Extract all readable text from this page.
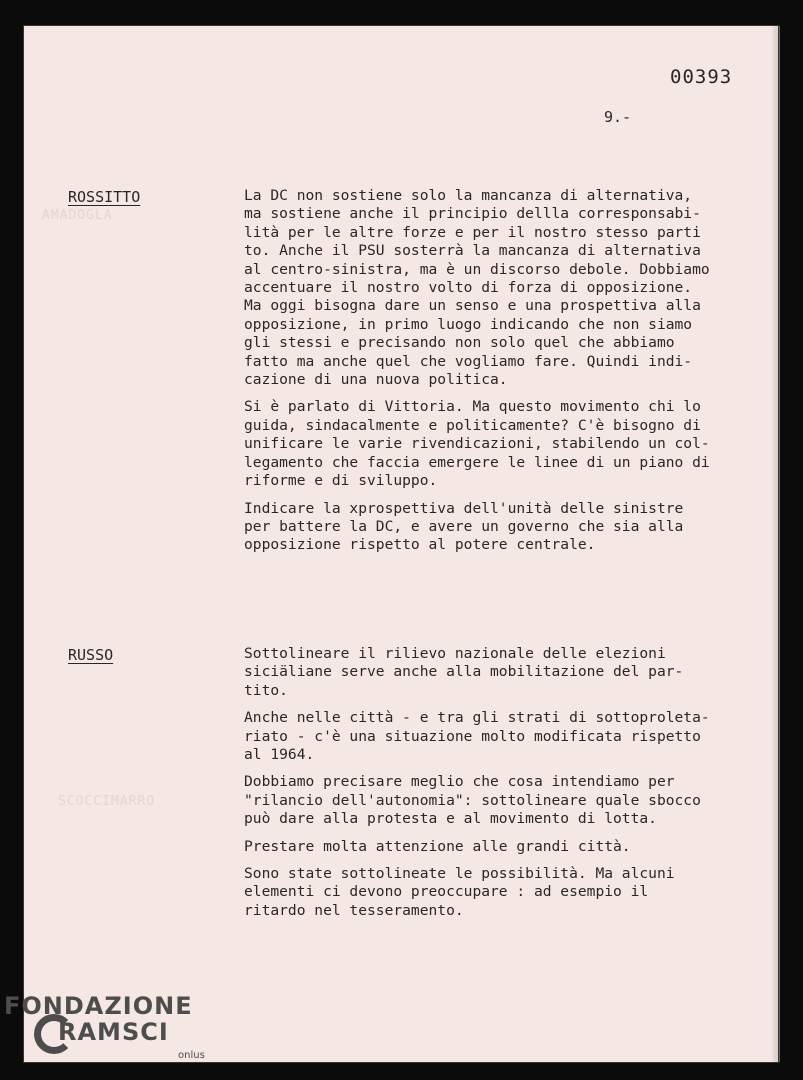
AMADOGLA
SCOCCIMARRO
00393
9.-
ROSSITTO	La DC non sostiene solo la mancanza di alternativa,
ma sostiene anche il principio dellla corresponsabi-
lità per le altre forze e per il nostro stesso parti
to. Anche il PSU sosterrà la mancanza di alternativa
al centro-sinistra, ma è un discorso debole. Dobbiamo
accentuare il nostro volto di forza di opposizione.
Ma oggi bisogna dare un senso e una prospettiva alla
opposizione, in primo luogo indicando che non siamo
gli stessi e precisando non solo quel che abbiamo
fatto ma anche quel che vogliamo fare. Quindi indi-
cazione di una nuova politica.

Si è parlato di Vittoria. Ma questo movimento chi lo
guida, sindacalmente e politicamente? C'è bisogno di
unificare le varie rivendicazioni, stabilendo un col-
legamento che faccia emergere le linee di un piano di
riforme e di sviluppo.

Indicare la xprospettiva dell'unità delle sinistre
per battere la DC, e avere un governo che sia alla
opposizione rispetto al potere centrale.

RUSSO	Sottolineare il rilievo nazionale delle elezioni
siciäliane serve anche alla mobilitazione del par-
tito.

Anche nelle città - e tra gli strati di sottoproleta-
riato - c'è una situazione molto modificata rispetto
al 1964.

Dobbiamo precisare meglio che cosa intendiamo per
"rilancio dell'autonomia": sottolineare quale sbocco
può dare alla protesta e al movimento di lotta.

Prestare molta attenzione alle grandi città.

Sono state sottolineate le possibilità. Ma alcuni
elementi ci devono preoccupare : ad esempio il
ritardo nel tesseramento.

FONDAZIONE
RAMSCI
onlus
